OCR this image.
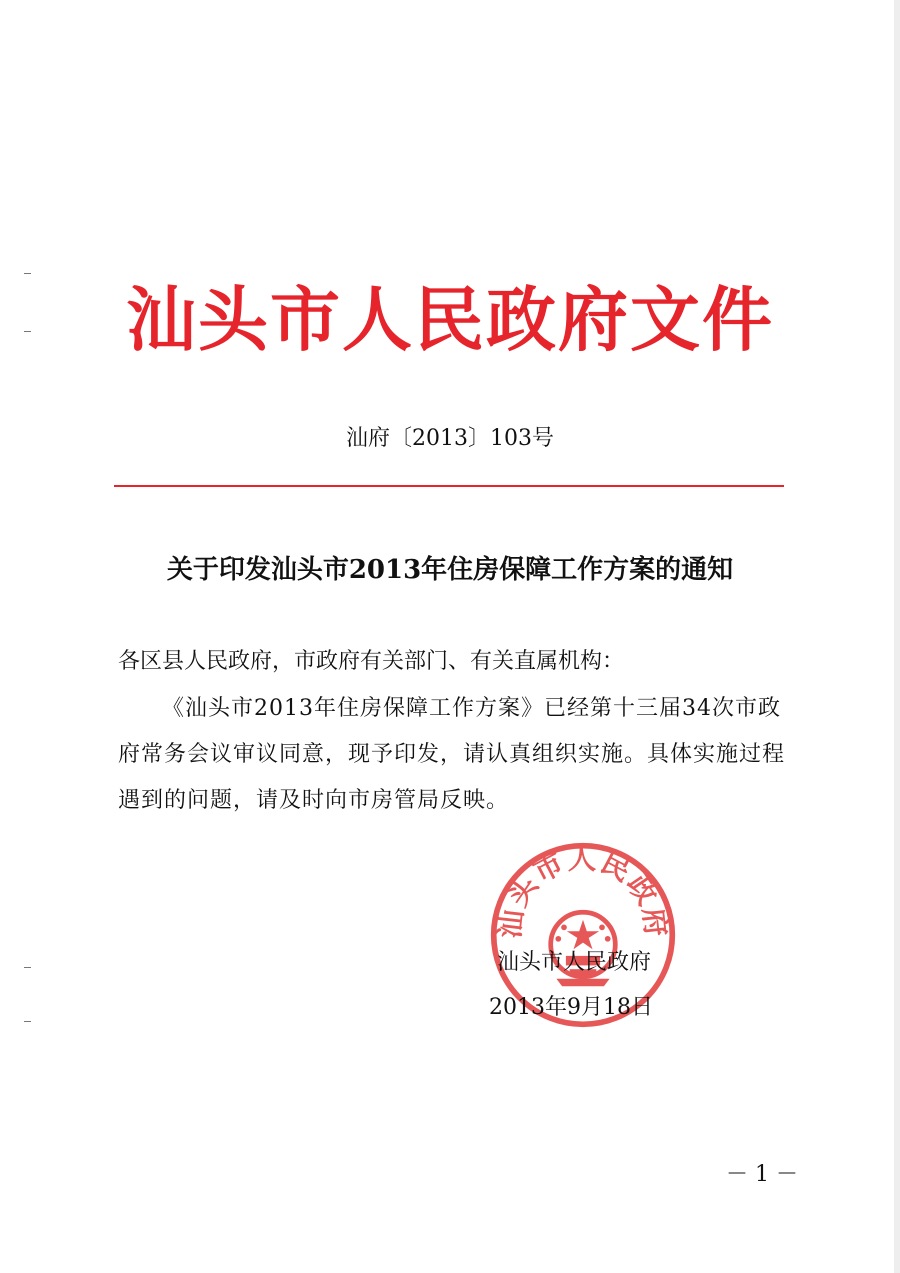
汕头市人民政府文件
汕府〔2013〕103号
关于印发汕头市2013年住房保障工作方案的通知
各区县人民政府，市政府有关部门、有关直属机构：

《汕头市2013年住房保障工作方案》已经第十三届34次市政府常务会议审议同意，现予印发，请认真组织实施。具体实施过程遇到的问题，请及时向市房管局反映。

汕头市人民政府
汕头市人民政府
2013年9月18日
－ 1 －
